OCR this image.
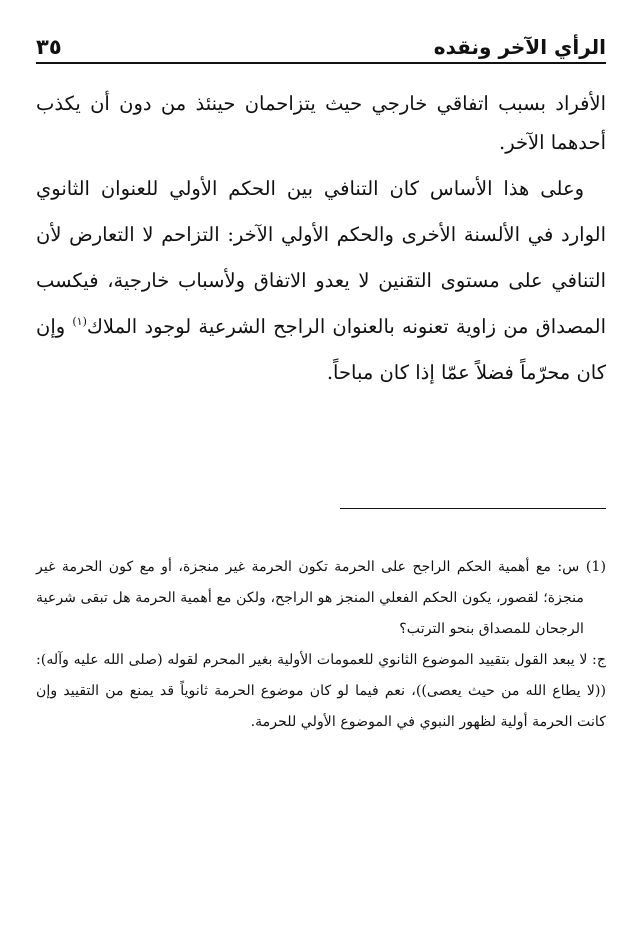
٣٥	الرأي الآخر ونقده

الأفراد بسبب اتفاقي خارجي حيث يتزاحمان حينئذ من دون أن يكذب أحدهما الآخر.

وعلى هذا الأساس كان التنافي بين الحكم الأولي للعنوان الثانوي الوارد في الألسنة الأخرى والحكم الأولي الآخر: التزاحم لا التعارض لأن التنافي على مستوى التقنين لا يعدو الاتفاق ولأسباب خارجية، فيكسب المصداق من زاوية تعنونه بالعنوان الراجح الشرعية لوجود الملاك$^{(١)}$ وإن كان محرّماً فضلاً عمّا إذا كان مباحاً.

(1) س: مع أهمية الحكم الراجح على الحرمة تكون الحرمة غير منجزة، أو مع كون الحرمة غير منجزة؛ لقصور، يكون الحكم الفعلي المنجز هو الراجح، ولكن مع أهمية الحرمة هل تبقى شرعية الرجحان للمصداق بنحو الترتب؟

ج: لا يبعد القول بتقييد الموضوع الثانوي للعمومات الأولية بغير المحرم لقوله (صلى الله عليه وآله): ((لا يطاع الله من حيث يعصى))، نعم فيما لو كان موضوع الحرمة ثانوياً قد يمنع من التقييد وإن كانت الحرمة أولية لظهور النبوي في الموضوع الأولي للحرمة.
